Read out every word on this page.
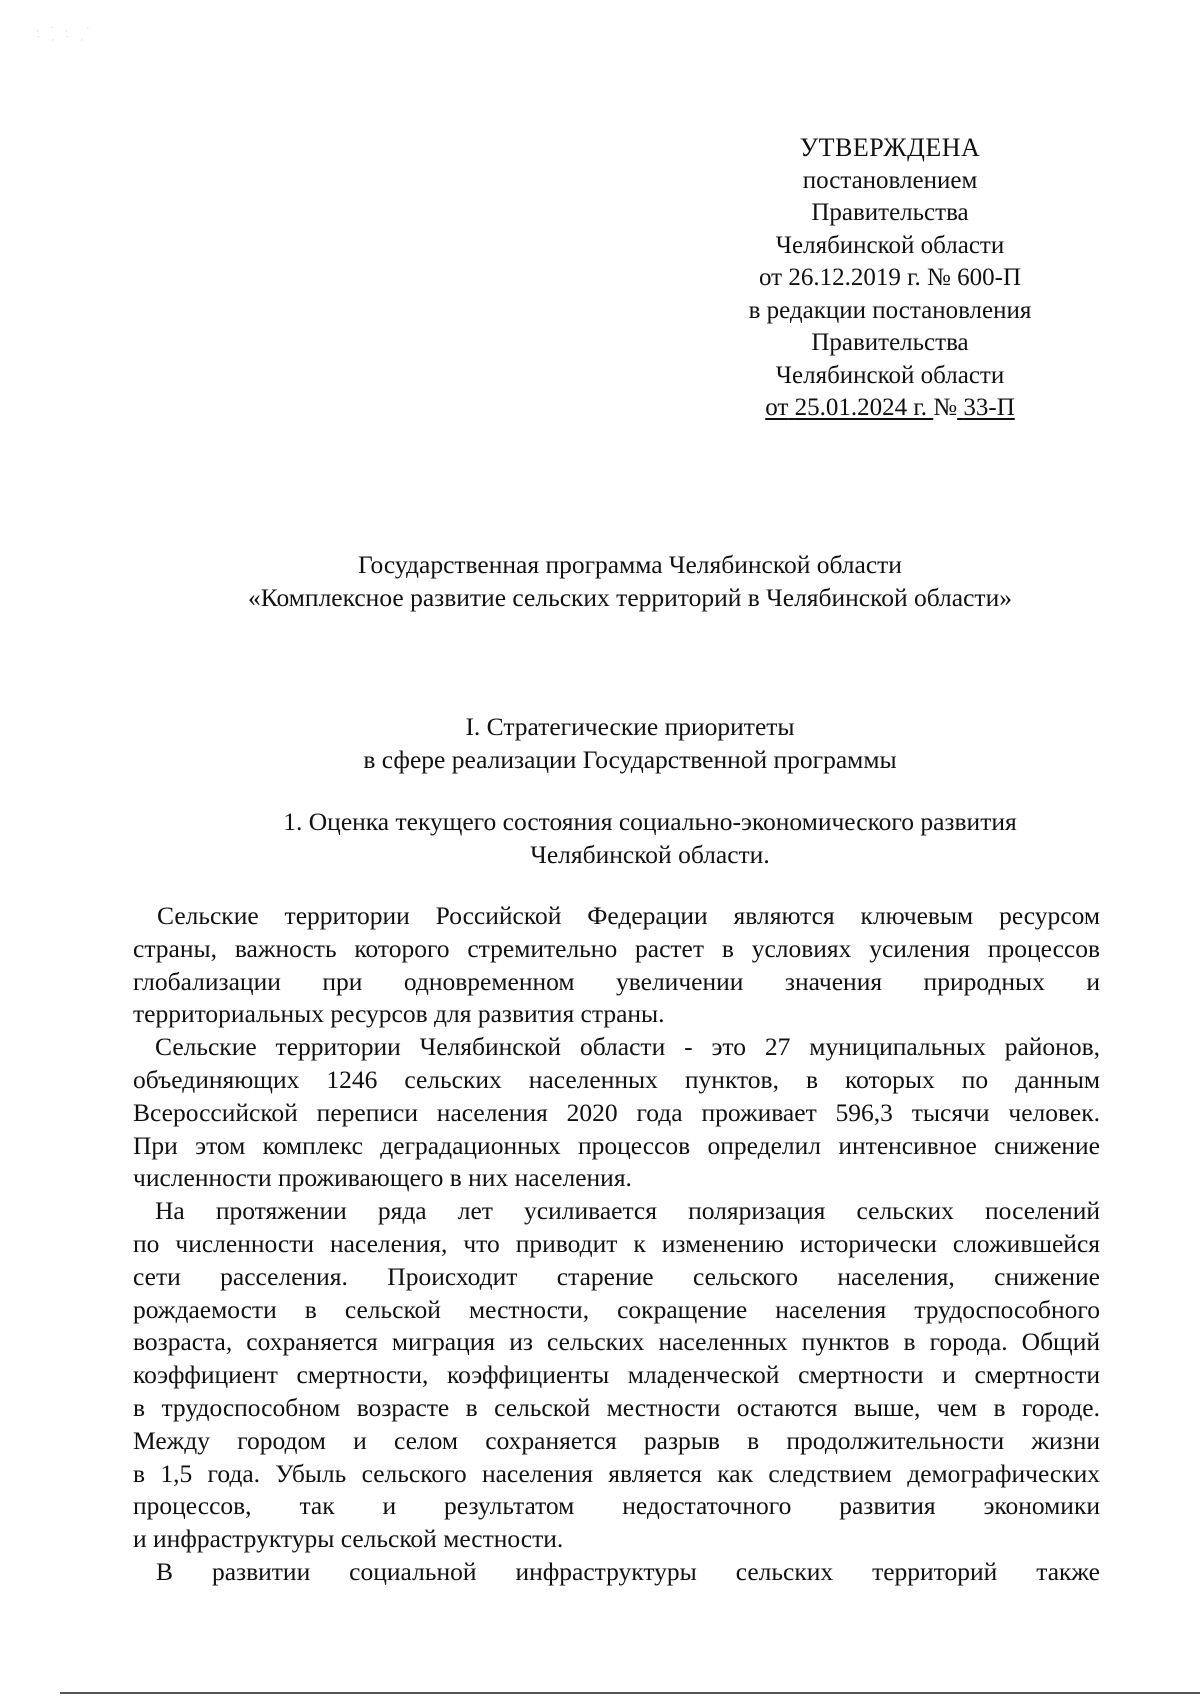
· ˙ ·  ˙
˙ · ˙ ·
УТВЕРЖДЕНА
постановлением
Правительства
Челябинской области
от 26.12.2019 г. № 600-П
в редакции постановления
Правительства
Челябинской области
от 25.01.2024 г. № 33-П
Государственная программа Челябинской области
«Комплексное развитие сельских территорий в Челябинской области»
I. Стратегические приоритеты
в сфере реализации Государственной программы
1. Оценка текущего состояния социально-экономического развития
Челябинской области.
Сельские территории Российской Федерации являются ключевым ресурсом
страны, важность которого стремительно растет в условиях усиления процессов
глобализации при одновременном увеличении значения природных и
территориальных ресурсов для развития страны.
Сельские территории Челябинской области - это 27 муниципальных районов,
объединяющих 1246 сельских населенных пунктов, в которых по данным
Всероссийской переписи населения 2020 года проживает 596,3 тысячи человек.
При этом комплекс деградационных процессов определил интенсивное снижение
численности проживающего в них населения.
На протяжении ряда лет усиливается поляризация сельских поселений
по численности населения, что приводит к изменению исторически сложившейся
сети расселения. Происходит старение сельского населения, снижение
рождаемости в сельской местности, сокращение населения трудоспособного
возраста, сохраняется миграция из сельских населенных пунктов в города. Общий
коэффициент смертности, коэффициенты младенческой смертности и смертности
в трудоспособном возрасте в сельской местности остаются выше, чем в городе.
Между городом и селом сохраняется разрыв в продолжительности жизни
в 1,5 года. Убыль сельского населения является как следствием демографических
процессов, так и результатом недостаточного развития экономики
и инфраструктуры сельской местности.
В развитии социальной инфраструктуры сельских территорий также
